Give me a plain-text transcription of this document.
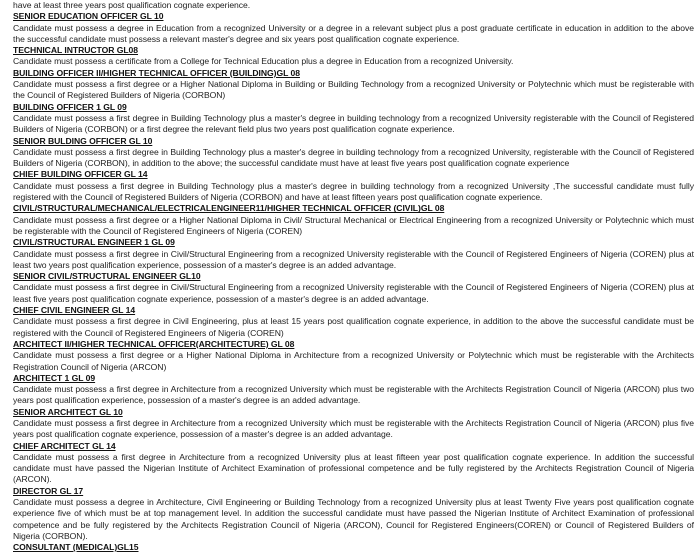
have at least three years post qualification cognate experience.
SENIOR EDUCATION OFFICER GL 10
Candidate must possess a degree in Education from a recognized University or a degree in a relevant subject plus a post graduate certificate in education in addition to the above the successful candidate must possess a relevant master's degree and six years post qualification cognate experience.
TECHNICAL INTRUCTOR GL08
Candidate must possess a certificate from a College for Technical Education plus a degree in Education from a recognized University.
BUILDING OFFICER II/HIGHER TECHNICAL OFFICER (BUILDING)GL 08
Candidate must possess a first degree or a Higher National Diploma in Building or Building Technology from a recognized University or Polytechnic which must be registerable with the Council of Registered Builders of Nigeria (CORBON)
BUILDING OFFICER 1 GL 09
Candidate must possess a first degree in Building Technology plus a master's degree in building technology from a recognized University registerable with the Council of Registered Builders of Nigeria (CORBON) or a first degree the relevant field plus two years post qualification cognate experience.
SENIOR BULDING OFFICER GL 10
Candidate must possess a first degree in Building Technology plus a master's degree in building technology from a recognized University, registerable with the Council of Registered Builders of Nigeria (CORBON), in addition to the above; the successful candidate must have at least five years post qualification cognate experience
CHIEF BUILDING OFFICER GL 14
Candidate must possess a first degree in Building Technology plus a master's degree in building technology from a recognized University ,The successful candidate must fully registered with the Council of Registered Builders of Nigeria (CORBON) and have at least fifteen years post qualification cognate experience.
CIVIL/STRUCTURAL/MECHANICAL/ELECTRICALENGINEER11/HIGHER TECHNICAL OFFICER (CIVIL)GL 08
Candidate must possess a first degree or a Higher National Diploma in Civil/ Structural Mechanical or Electrical Engineering from a recognized University or Polytechnic which must be registerable with the Council of Registered Engineers of Nigeria (COREN)
CIVIL/STRUCTURAL ENGINEER 1 GL 09
Candidate must possess a first degree in Civil/Structural Engineering from a recognized University registerable with the Council of Registered Engineers of Nigeria (COREN) plus at least two years post qualification experience, possession of a master's degree is an added advantage.
SENIOR CIVIL/STRUCTURAL ENGINEER GL10
Candidate must possess a first degree in Civil/Structural Engineering from a recognized University registerable with the Council of Registered Engineers of Nigeria (COREN) plus at least five years post qualification cognate experience, possession of a master's degree is an added advantage.
CHIEF CIVIL ENGINEER GL 14
Candidate must possess a first degree in Civil Engineering, plus at least 15 years post qualification cognate experience, in addition to the above the successful candidate must be registered with the Council of Registered Engineers of Nigeria (COREN)
ARCHITECT II/HIGHER TECHNICAL OFFICER(ARCHITECTURE) GL 08
Candidate must possess a first degree or a Higher National Diploma in Architecture from a recognized University or Polytechnic which must be registerable with the Architects Registration Council of Nigeria (ARCON)
ARCHITECT 1 GL 09
Candidate must possess a first degree in Architecture from a recognized University which must be registerable with the Architects Registration Council of Nigeria (ARCON) plus two years post qualification experience, possession of a master's degree is an added advantage.
SENIOR ARCHITECT GL 10
Candidate must possess a first degree in Architecture from a recognized University which must be registerable with the Architects Registration Council of Nigeria (ARCON) plus five years post qualification cognate experience, possession of a master's degree is an added advantage.
CHIEF ARCHITECT GL 14
Candidate must possess a first degree in Architecture from a recognized University plus at least fifteen year post qualification cognate experience. In addition the successful candidate must have passed the Nigerian Institute of Architect Examination of professional competence and be fully registered by the Architects Registration Council of Nigeria (ARCON).
DIRECTOR GL 17
Candidate must possess a degree in Architecture, Civil Engineering or Building Technology from a recognized University plus at least Twenty Five years post qualification cognate experience five of which must be at top management level. In addition the successful candidate must have passed the Nigerian Institute of Architect Examination of professional competence and be fully registered by the Architects Registration Council of Nigeria (ARCON), Council for Registered Engineers(COREN) or Council of Registered Builders of Nigeria (CORBON).
CONSULTANT (MEDICAL)GL15
